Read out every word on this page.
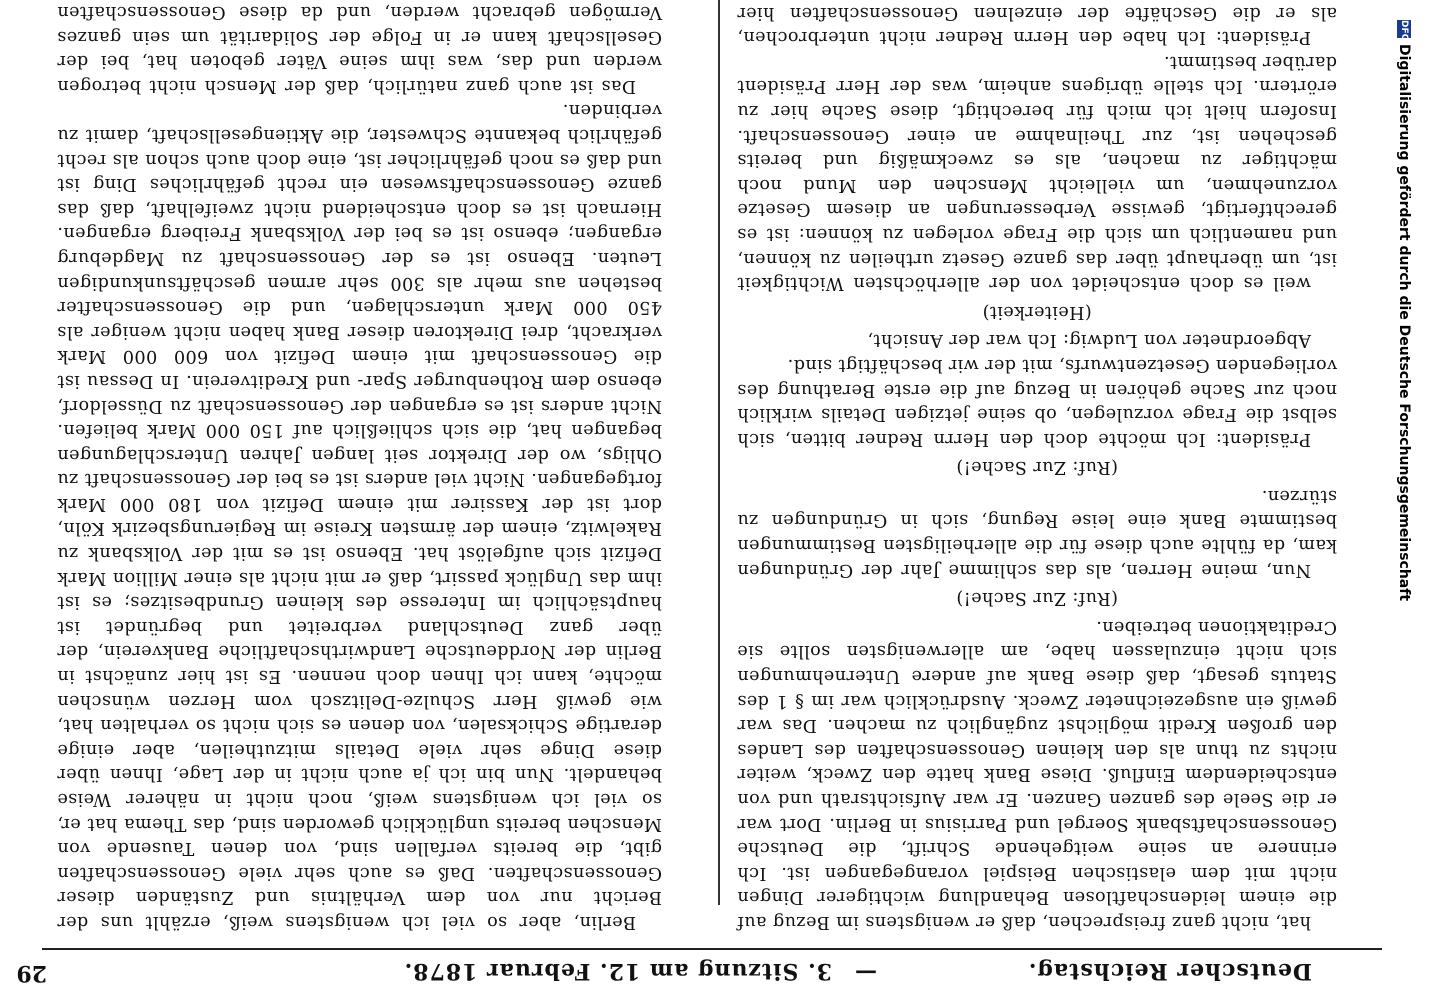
Deutscher Reichstag.
—
3. Sitzung am 12. Februar 1878.
29

Berlin, aber so viel ich wenigstens weiß, erzählt uns der Bericht nur von dem Verhältnis und Zuständen dieser Genossenschaften. Daß es auch sehr viele Genossenschaften gibt, die bereits verfallen sind, von denen Tausende von Menschen bereits unglücklich geworden sind, das Thema hat er, so viel ich wenigstens weiß, noch nicht in näherer Weise behandelt. Nun bin ich ja auch nicht in der Lage, Ihnen über diese Dinge sehr viele Details mitzutheilen, aber einige derartige Schicksalen, von denen es sich nicht so verhalten hat, wie gewiß Herr Schulze-Delitzsch vom Herzen wünschen möchte, kann ich Ihnen doch nennen. Es ist hier zunächst in Berlin der Norddeutsche Landwirthschaftliche Bankverein, der über ganz Deutschland verbreitet und begründet ist hauptsächlich im Interesse des kleinen Grundbesitzes; es ist ihm das Unglück passirt, daß er mit nicht als einer Million Mark Defizit sich aufgelöst hat. Ebenso ist es mit der Volksbank zu Rakelwitz, einem der ärmsten Kreise im Regierungsbezirk Köln, dort ist der Kassirer mit einem Defizit von 180 000 Mark fortgegangen. Nicht viel anders ist es bei der Genossenschaft zu Ohligs, wo der Direktor seit langen Jahren Unterschlagungen begangen hat, die sich schließlich auf 150 000 Mark beliefen. Nicht anders ist es ergangen der Genossenschaft zu Düsseldorf, ebenso dem Rothenburger Spar- und Kreditverein. In Dessau ist die Genossenschaft mit einem Defizit von 600 000 Mark verkracht, drei Direktoren dieser Bank haben nicht weniger als 450 000 Mark unterschlagen, und die Genossenschafter bestehen aus mehr als 300 sehr armen geschäftsunkundigen Leuten. Ebenso ist es der Genossenschaft zu Magdeburg ergangen; ebenso ist es bei der Volksbank Freiberg ergangen. Hiernach ist es doch entscheidend nicht zweifelhaft, daß das ganze Genossenschaftswesen ein recht gefährliches Ding ist und daß es noch gefährlicher ist, eine doch auch schon als recht gefährlich bekannte Schwester, die Aktiengesellschaft, damit zu verbinden.

Das ist auch ganz natürlich, daß der Mensch nicht betrogen werden und das, was ihm seine Väter geboten hat, bei der Gesellschaft kann er in Folge der Solidarität um sein ganzes Vermögen gebracht werden, und da diese Genossenschaften

hat, nicht ganz freisprechen, daß er wenigstens im Bezug auf die einem leidenschaftlosen Behandlung wichtigerer Dingen nicht mit dem elastischen Beispiel vorangegangen ist. Ich erinnere an seine weitgehende Schrift, die Deutsche Genossenschaftsbank Soergel und Parrisius in Berlin. Dort war er die Seele des ganzen Ganzen. Er war Aufsichtsrath und von entscheidendem Einfluß. Diese Bank hatte den Zweck, weiter nichts zu thun als den kleinen Genossenschaften des Landes den großen Kredit möglichst zugänglich zu machen. Das war gewiß ein ausgezeichneter Zweck. Ausdrücklich war im § 1 des Statuts gesagt, daß diese Bank auf andere Unternehmungen sich nicht einzulassen habe, am allerwenigsten sollte sie Creditaktionen betreiben.

(Ruf: Zur Sache!)

Nun, meine Herren, als das schlimme Jahr der Gründungen kam, da fühlte auch diese für die allerheiligsten Bestimmungen bestimmte Bank eine leise Regung, sich in Gründungen zu stürzen.

(Ruf: Zur Sache!)

Präsident: Ich möchte doch den Herrn Redner bitten, sich selbst die Frage vorzulegen, ob seine jetzigen Details wirklich noch zur Sache gehören in Bezug auf die erste Berathung des vorliegenden Gesetzentwurfs, mit der wir beschäftigt sind.

Abgeordneter von Ludwig: Ich war der Ansicht,

(Heiterkeit)

weil es doch entscheidet von der allerhöchsten Wichtigkeit ist, um überhaupt über das ganze Gesetz urtheilen zu können, und namentlich um sich die Frage vorlegen zu können: ist es gerechtfertigt, gewisse Verbesserungen an diesem Gesetze vorzunehmen, um vielleicht Menschen den Mund noch mächtiger zu machen, als es zweckmäßig und bereits geschehen ist, zur Theilnahme an einer Genossenschaft. Insofern hielt ich mich für berechtigt, diese Sache hier zu erörtern. Ich stelle übrigens anheim, was der Herr Präsident darüber bestimmt.

Präsident: Ich habe den Herrn Redner nicht unterbrochen, als er die Geschäfte der einzelnen Genossenschaften hier

DFGDigitalisierung gefördert durch die Deutsche Forschungsgemeinschaft
